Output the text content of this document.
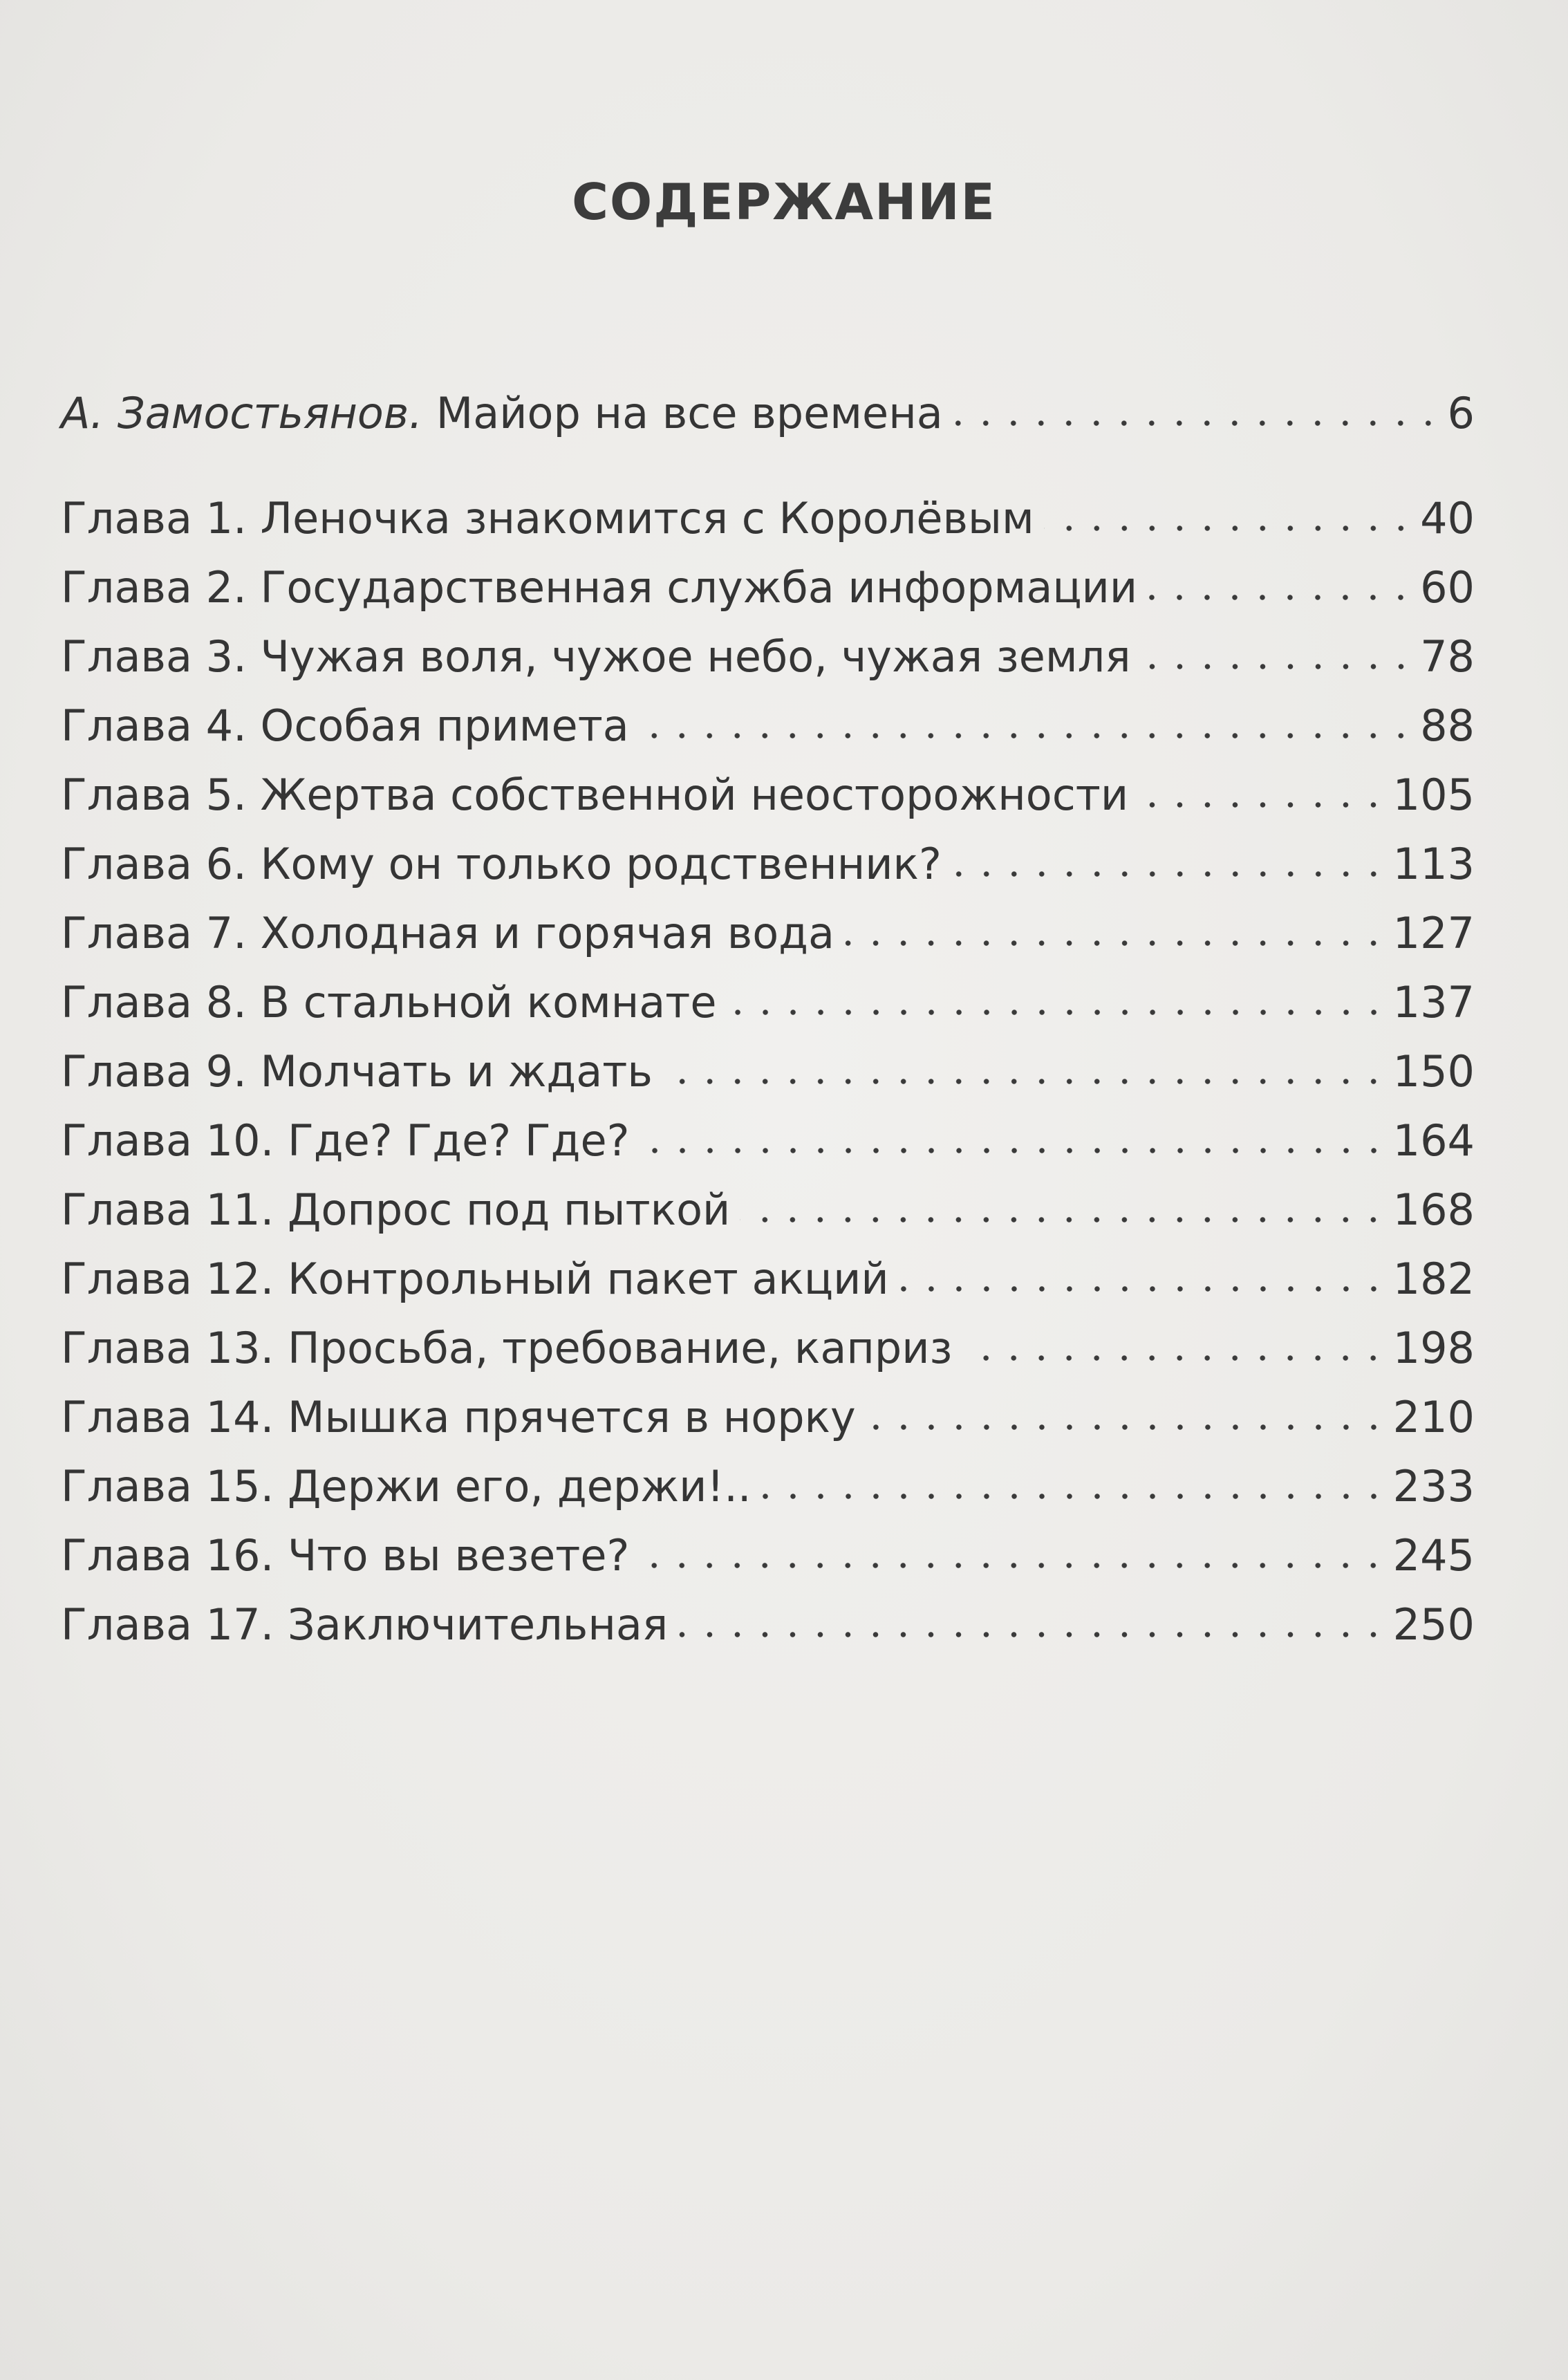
СОДЕРЖАНИЕ
А. Замостьянов. Майор на все времена	6
Глава 1. Леночка знакомится с Королёвым	40
Глава 2. Государственная служба информации	60
Глава 3. Чужая воля, чужое небо, чужая земля	78
Глава 4. Особая примета	88
Глава 5. Жертва собственной неосторожности	105
Глава 6. Кому он только родственник?	113
Глава 7. Холодная и горячая вода	127
Глава 8. В стальной комнате	137
Глава 9. Молчать и ждать	150
Глава 10. Где? Где? Где?	164
Глава 11. Допрос под пыткой	168
Глава 12. Контрольный пакет акций	182
Глава 13. Просьба, требование, каприз	198
Глава 14. Мышка прячется в норку	210
Глава 15. Держи его, держи!..	233
Глава 16. Что вы везете?	245
Глава 17. Заключительная	250
